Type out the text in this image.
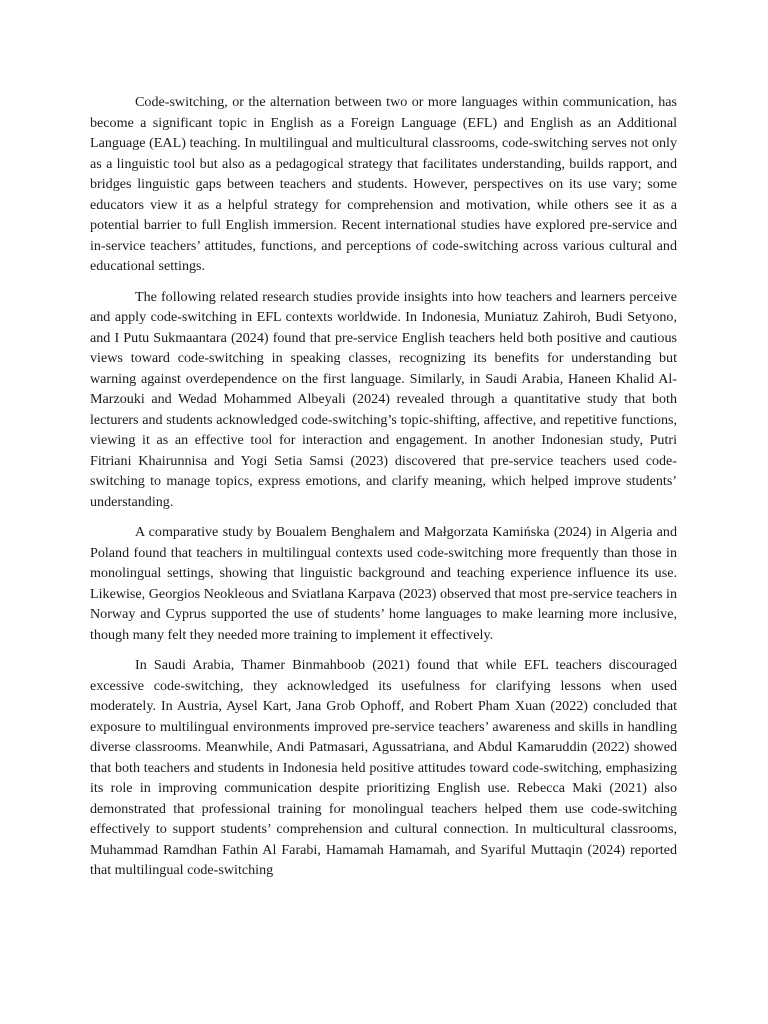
Code-switching, or the alternation between two or more languages within communication, has become a significant topic in English as a Foreign Language (EFL) and English as an Additional Language (EAL) teaching. In multilingual and multicultural classrooms, code-switching serves not only as a linguistic tool but also as a pedagogical strategy that facilitates understanding, builds rapport, and bridges linguistic gaps between teachers and students. However, perspectives on its use vary; some educators view it as a helpful strategy for comprehension and motivation, while others see it as a potential barrier to full English immersion. Recent international studies have explored pre-service and in-service teachers’ attitudes, functions, and perceptions of code-switching across various cultural and educational settings.

The following related research studies provide insights into how teachers and learners perceive and apply code-switching in EFL contexts worldwide. In Indonesia, Muniatuz Zahiroh, Budi Setyono, and I Putu Sukmaantara (2024) found that pre-service English teachers held both positive and cautious views toward code-switching in speaking classes, recognizing its benefits for understanding but warning against overdependence on the first language. Similarly, in Saudi Arabia, Haneen Khalid Al-Marzouki and Wedad Mohammed Albeyali (2024) revealed through a quantitative study that both lecturers and students acknowledged code-switching’s topic-shifting, affective, and repetitive functions, viewing it as an effective tool for interaction and engagement. In another Indonesian study, Putri Fitriani Khairunnisa and Yogi Setia Samsi (2023) discovered that pre-service teachers used code-switching to manage topics, express emotions, and clarify meaning, which helped improve students’ understanding.

A comparative study by Boualem Benghalem and Małgorzata Kamińska (2024) in Algeria and Poland found that teachers in multilingual contexts used code-switching more frequently than those in monolingual settings, showing that linguistic background and teaching experience influence its use. Likewise, Georgios Neokleous and Sviatlana Karpava (2023) observed that most pre-service teachers in Norway and Cyprus supported the use of students’ home languages to make learning more inclusive, though many felt they needed more training to implement it effectively.

In Saudi Arabia, Thamer Binmahboob (2021) found that while EFL teachers discouraged excessive code-switching, they acknowledged its usefulness for clarifying lessons when used moderately. In Austria, Aysel Kart, Jana Grob Ophoff, and Robert Pham Xuan (2022) concluded that exposure to multilingual environments improved pre-service teachers’ awareness and skills in handling diverse classrooms. Meanwhile, Andi Patmasari, Agussatriana, and Abdul Kamaruddin (2022) showed that both teachers and students in Indonesia held positive attitudes toward code-switching, emphasizing its role in improving communication despite prioritizing English use. Rebecca Maki (2021) also demonstrated that professional training for monolingual teachers helped them use code-switching effectively to support students’ comprehension and cultural connection. In multicultural classrooms, Muhammad Ramdhan Fathin Al Farabi, Hamamah Hamamah, and Syariful Muttaqin (2024) reported that multilingual code-switching
